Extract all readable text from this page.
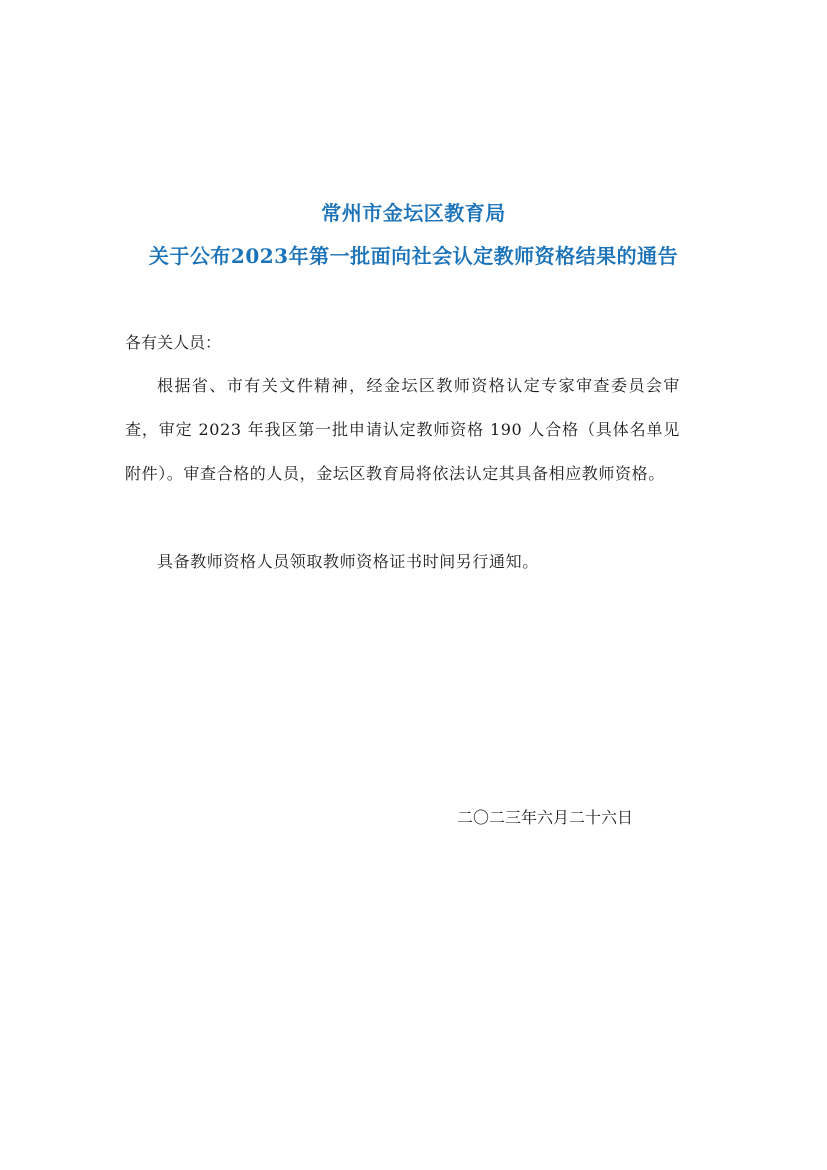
常州市金坛区教育局
关于公布2023年第一批面向社会认定教师资格结果的通告
各有关人员：
根据省、市有关文件精神，经金坛区教师资格认定专家审查委员会审查，审定 2023 年我区第一批申请认定教师资格 190 人合格（具体名单见附件）。审查合格的人员，金坛区教育局将依法认定其具备相应教师资格。
具备教师资格人员领取教师资格证书时间另行通知。
二〇二三年六月二十六日
